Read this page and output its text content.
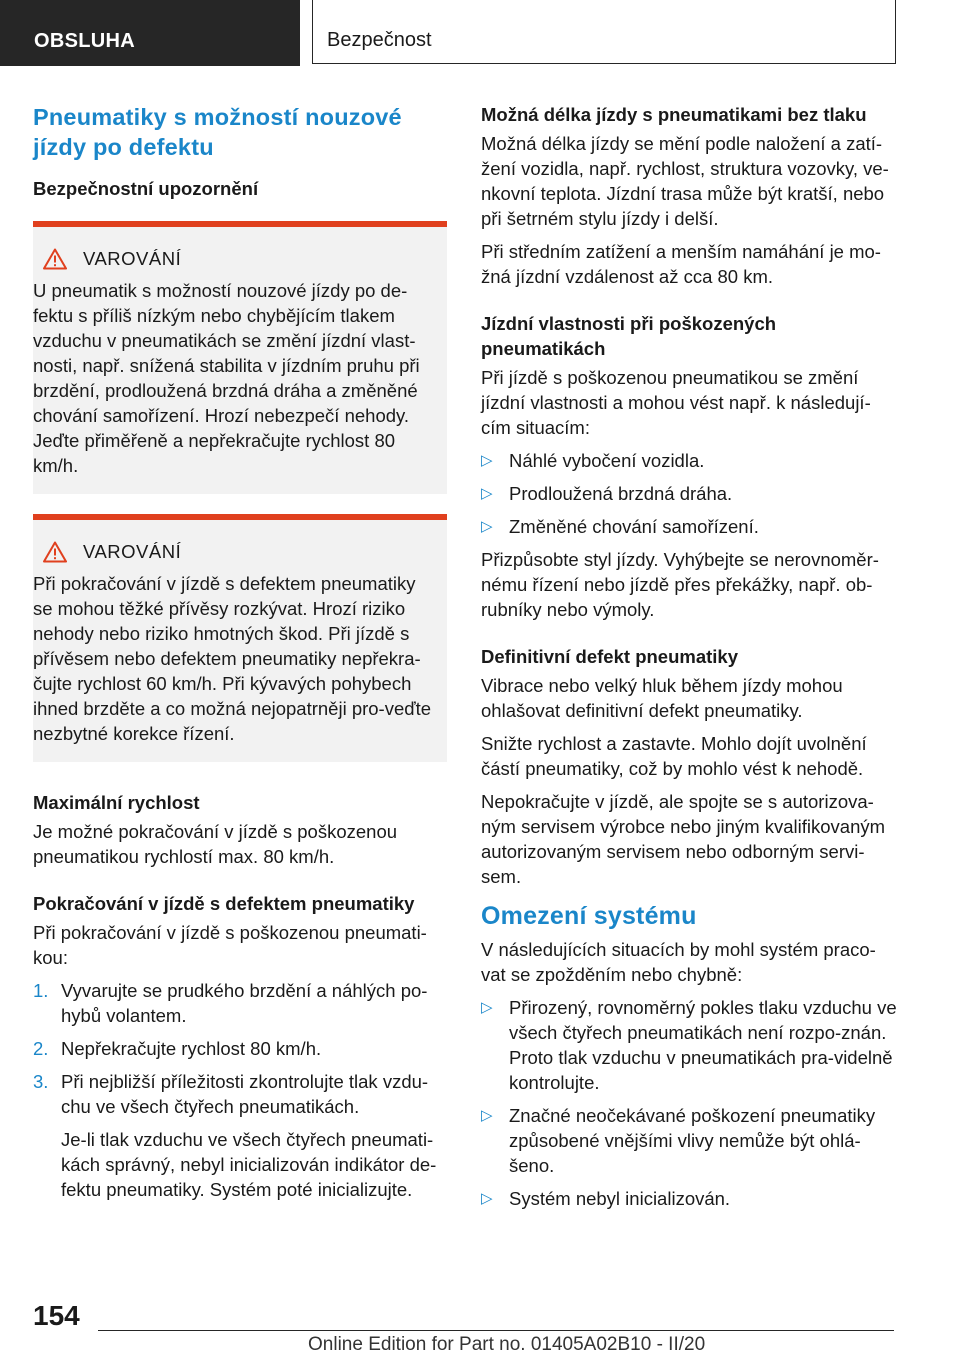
OBSLUHA	Bezpečnost
Pneumatiky s možností nouzové jízdy po defektu
Bezpečnostní upozornění
VAROVÁNÍ
U pneumatik s možností nouzové jízdy po de-fektu s příliš nízkým nebo chybějícím tlakem vzduchu v pneumatikách se změní jízdní vlast-nosti, např. snížená stabilita v jízdním pruhu při brzdění, prodloužená brzdná dráha a změněné chování samořízení. Hrozí nebezpečí nehody. Jeďte přiměřeně a nepřekračujte rychlost 80 km/h.
VAROVÁNÍ
Při pokračování v jízdě s defektem pneumatiky se mohou těžké přívěsy rozkývat. Hrozí riziko nehody nebo riziko hmotných škod. Při jízdě s přívěsem nebo defektem pneumatiky nepřekra-čujte rychlost 60 km/h. Při kývavých pohybech ihned brzděte a co možná nejopatrněji pro-veďte nezbytné korekce řízení.
Maximální rychlost
Je možné pokračování v jízdě s poškozenou pneumatikou rychlostí max. 80 km/h.
Pokračování v jízdě s defektem pneumatiky
Při pokračování v jízdě s poškozenou pneumati-kou:
1. Vyvarujte se prudkého brzdění a náhlých po-hybů volantem.
2. Nepřekračujte rychlost 80 km/h.
3. Při nejbližší příležitosti zkontrolujte tlak vzdu-chu ve všech čtyřech pneumatikách.
Je-li tlak vzduchu ve všech čtyřech pneumati-kách správný, nebyl inicializován indikátor de-fektu pneumatiky. Systém poté inicializujte.
Možná délka jízdy s pneumatikami bez tlaku
Možná délka jízdy se mění podle naložení a zatí-žení vozidla, např. rychlost, struktura vozovky, ve-nkovní teplota. Jízdní trasa může být kratší, nebo při šetrném stylu jízdy i delší.
Při středním zatížení a menším namáhání je mo-žná jízdní vzdálenost až cca 80 km.
Jízdní vlastnosti při poškozených pneumatikách
Při jízdě s poškozenou pneumatikou se změní jízdní vlastnosti a mohou vést např. k následují-cím situacím:
▷ Náhlé vybočení vozidla.
▷ Prodloužená brzdná dráha.
▷ Změněné chování samořízení.
Přizpůsobte styl jízdy. Vyhýbejte se nerovnoměr-nému řízení nebo jízdě přes překážky, např. ob-rubníky nebo výmoly.
Definitivní defekt pneumatiky
Vibrace nebo velký hluk během jízdy mohou ohlašovat definitivní defekt pneumatiky.
Snižte rychlost a zastavte. Mohlo dojít uvolnění částí pneumatiky, což by mohlo vést k nehodě.
Nepokračujte v jízdě, ale spojte se s autorizova-ným servisem výrobce nebo jiným kvalifikovaným autorizovaným servisem nebo odborným servi-sem.
Omezení systému
V následujících situacích by mohl systém praco-vat se zpožděním nebo chybně:
▷ Přirozený, rovnoměrný pokles tlaku vzduchu ve všech čtyřech pneumatikách není rozpo-znán. Proto tlak vzduchu v pneumatikách pra-videlně kontrolujte.
▷ Značné neočekávané poškození pneumatiky způsobené vnějšími vlivy nemůže být ohlá-šeno.
▷ Systém nebyl inicializován.
154
Online Edition for Part no. 01405A02B10 - II/20
